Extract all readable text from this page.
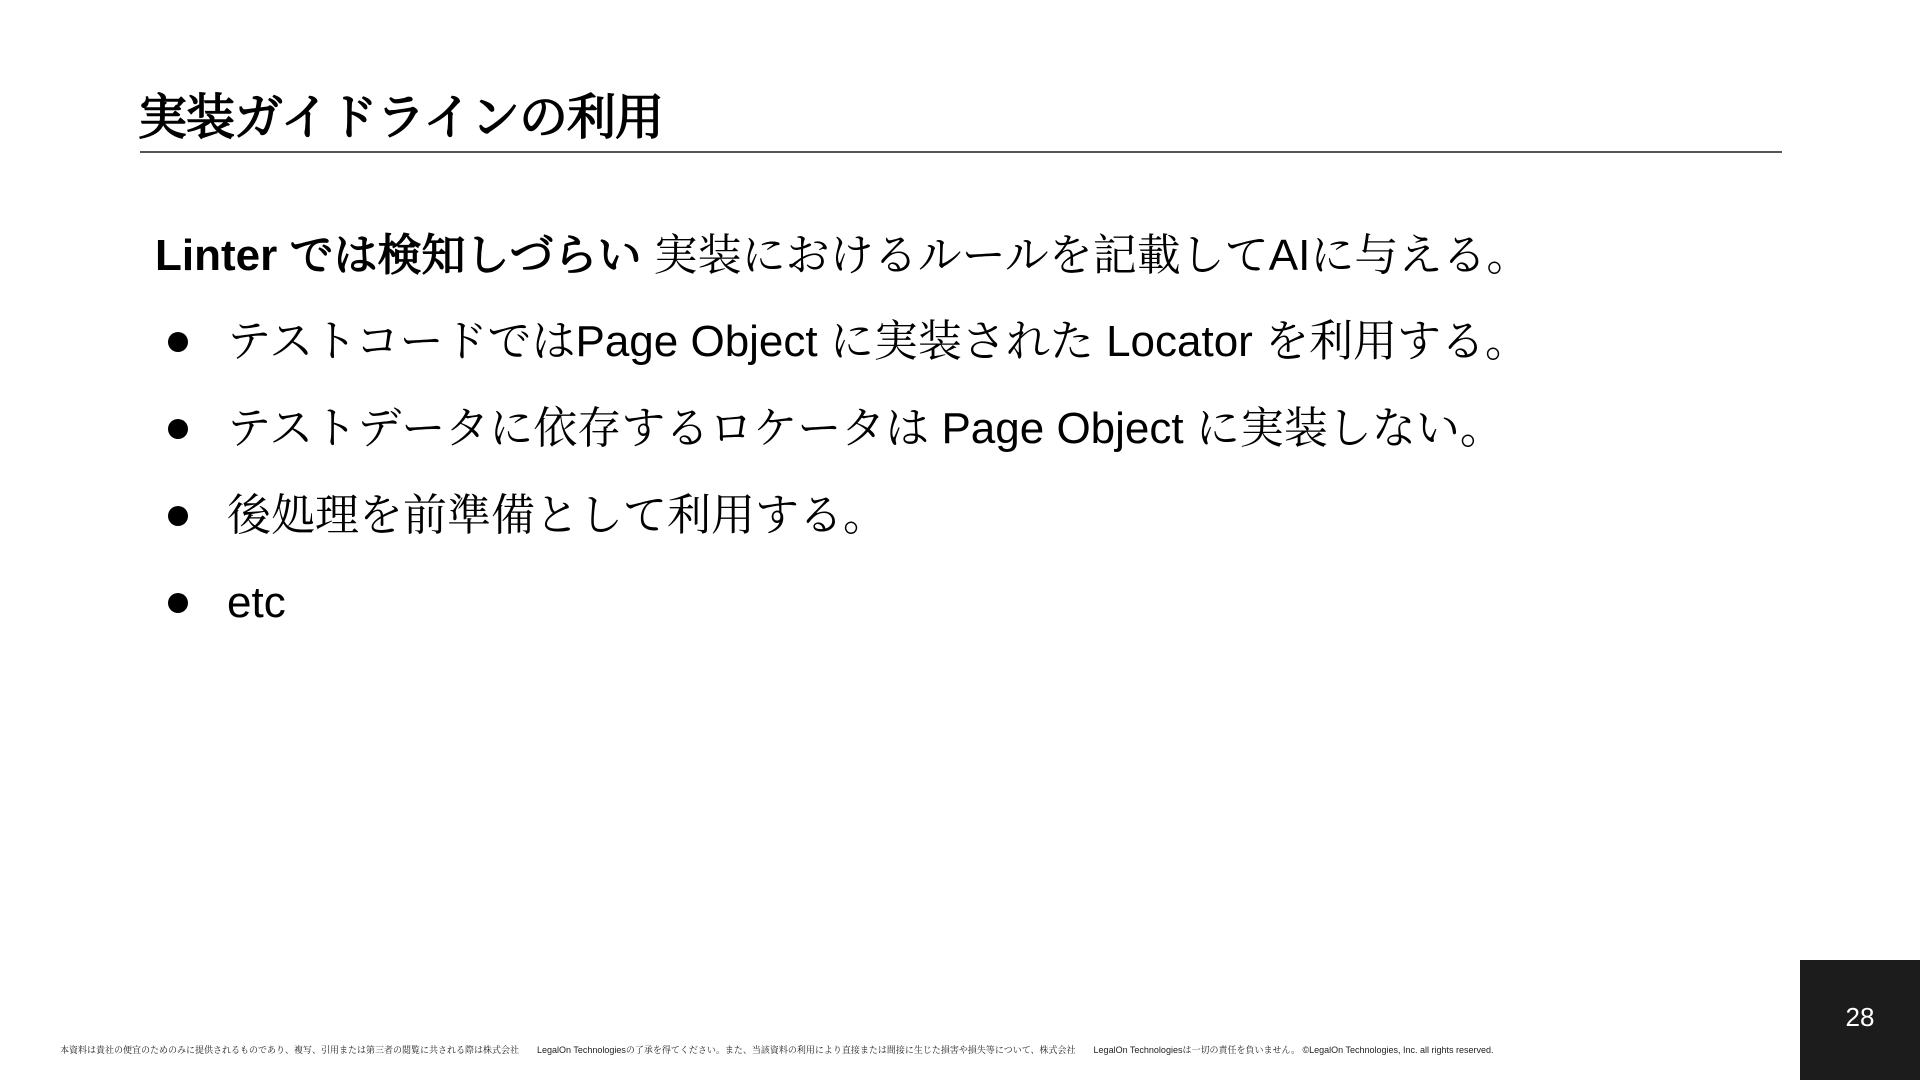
実装ガイドラインの利用
Linter では検知しづらい 実装におけるルールを記載してAIに与える。
テストコードではPage Object に実装された Locator を利用する。
テストデータに依存するロケータは Page Object に実装しない。
後処理を前準備として利用する。
etc
本資料は貴社の便宜のためのみに提供されるものであり、複写、引用または第三者の閲覧に共される際は株式会社　　LegalOn Technologiesの了承を得てください。また、当該資料の利用により直接または間接に生じた損害や損失等について、株式会社　　LegalOn Technologiesは一切の責任を負いません。 ©LegalOn Technologies, Inc. all rights reserved.
28
